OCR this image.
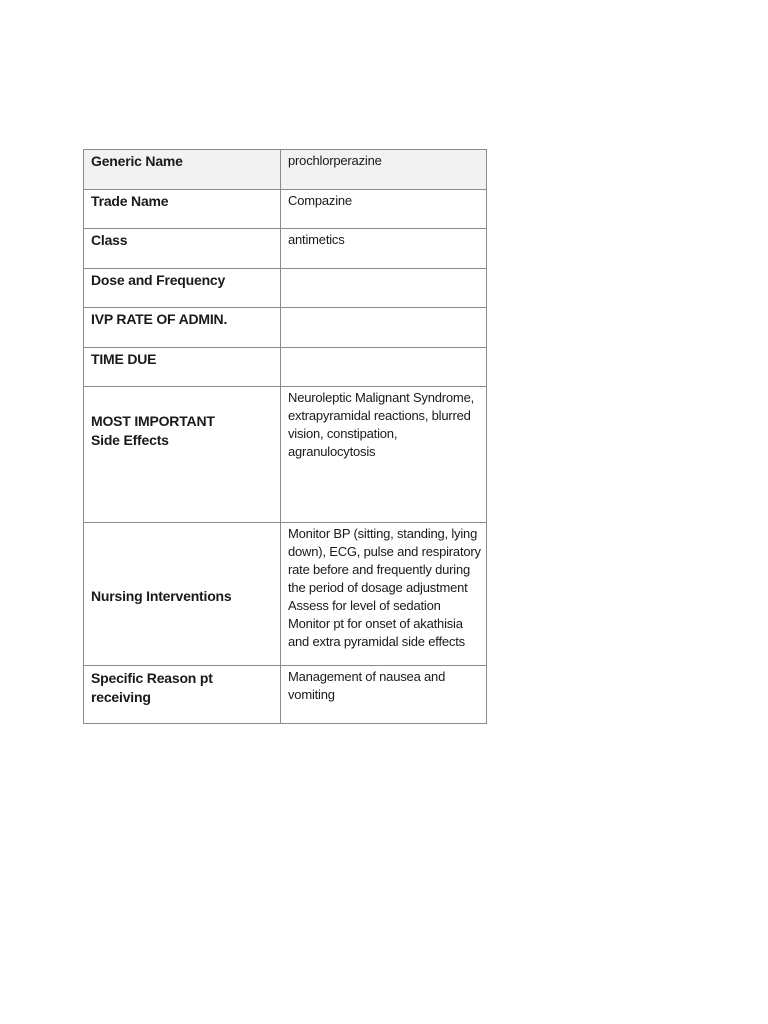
Generic Name	prochlorperazine
Trade Name	Compazine
Class	antimetics
Dose and Frequency	
IVP RATE OF ADMIN.	
TIME DUE	

MOST IMPORTANT
Side Effects	Neuroleptic Malignant Syndrome, extrapyramidal reactions, blurred vision, constipation, agranulocytosis
Nursing Interventions	Monitor BP (sitting, standing, lying down), ECG, pulse and respiratory rate before and frequently during the period of dosage adjustment
Assess for level of sedation
Monitor pt for onset of akathisia and extra pyramidal side effects

Specific Reason pt receiving	Management of nausea and vomiting
